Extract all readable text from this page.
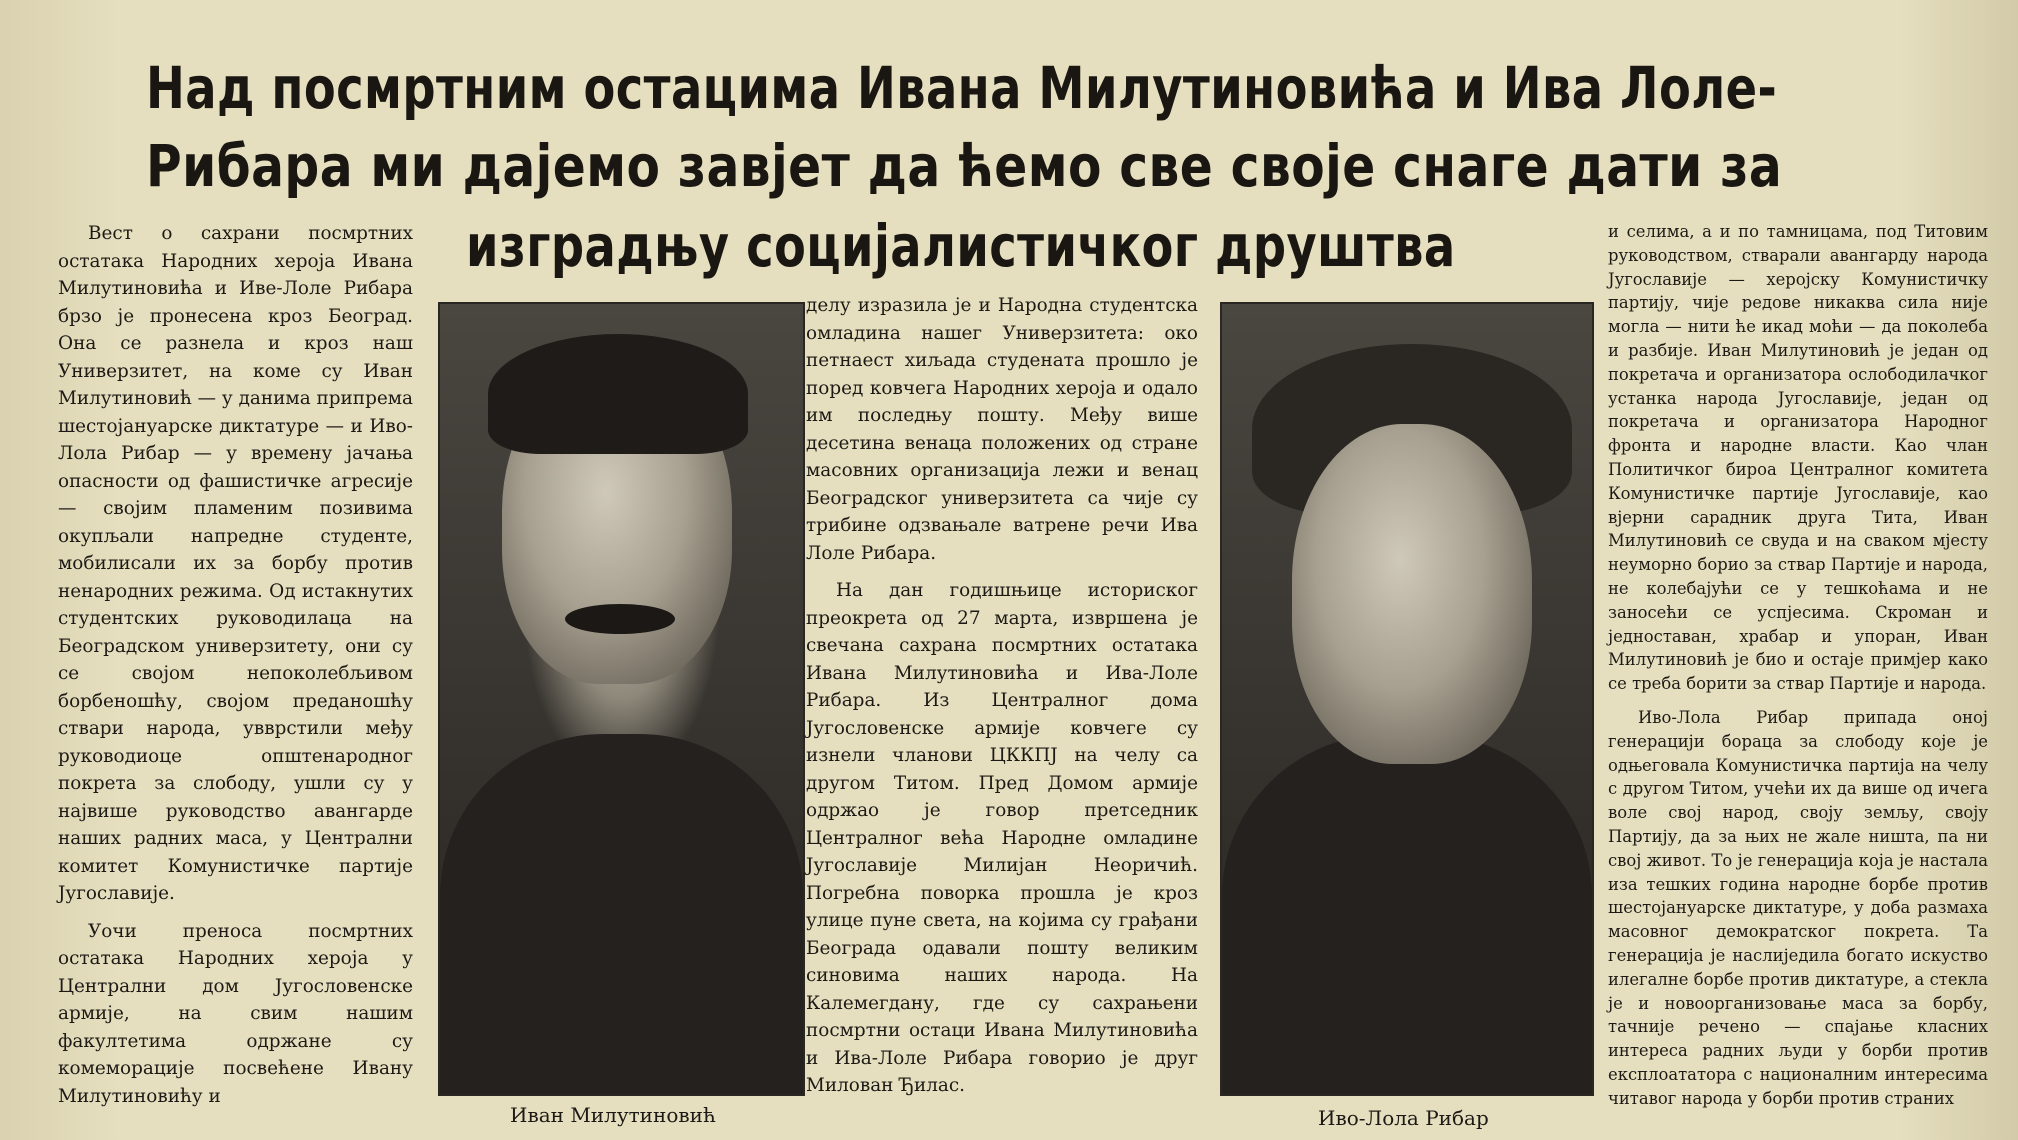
Над посмртним остацима Ивана Милутиновића и Ива Лоле-
Рибара ми дајемо завјет да ћемо све своје снаге дати за
изградњу социјалистичког друштва

Вест о сахрани посмртних остатака Народних хероја Ивана Милутиновића и Иве-Лоле Рибара брзо је пронесена кроз Београд. Она се разнела и кроз наш Универзитет, на коме су Иван Милутиновић — у данима припрема шестојануарске диктатуре — и Иво-Лола Рибар — у времену јачања опасности од фашистичке агресије — својим пламеним позивима окупљали напредне студенте, мобилисали их за борбу против ненародних режима. Од истакнутих студентских руководилаца на Београдском универзитету, они су се својом непоколебљивом борбеношћу, својом преданошћу ствари народа, увврстили међу руководиоце општенародног покрета за слободу, ушли су у највише руководство авангарде наших радних маса, у Централни комитет Комунистичке партије Југославије.

Уочи преноса посмртних остатака Народних хероја у Централни дом Југословенске армије, на свим нашим факултетима одржане су комеморације посвећене Ивану Милутиновићу и

Иван Милутиновић

делу изразила је и Народна студентска омладина нашег Универзитета: око петнаест хиљада студената прошло је поред ковчега Народних хероја и одало им последњу пошту. Међу више десетина венаца положених од стране масовних организација лежи и венац Београдског универзитета са чије су трибине одзвањале ватрене речи Ива Лоле Рибара.

На дан годишњице историског преокрета од 27 марта, извршена је свечана сахрана посмртних остатака Ивана Милутиновића и Ива-Лоле Рибара. Из Централног дома Југословенске армије ковчеге су изнели чланови ЦККПЈ на челу са другом Титом. Пред Домом армије одржао је говор претседник Централног већа Народне омладине Југославије Милијан Неоричић. Погребна поворка прошла је кроз улице пуне света, на којима су грађани Београда одавали пошту великим синовима наших народа. На Калемегдану, где су сахрањени посмртни остаци Ивана Милутиновића и Ива-Лоле Рибара говорио је друг Милован Ђилас.

Иво-Лола Рибар

и селима, а и по тамницама, под Титовим руководством, стварали авангарду народа Југославије — херојску Комунистичку партију, чије редове никаква сила није могла — нити ће икад моћи — да поколеба и разбије. Иван Милутиновић је један од покретача и организатора ослободилачког устанка народа Југославије, један од покретача и организатора Народног фронта и народне власти. Као члан Политичког бироа Централног комитета Комунистичке партије Југославије, као вјерни сарадник друга Тита, Иван Милутиновић се свуда и на сваком мјесту неуморно борио за ствар Партије и народа, не колебајући се у тешкоћама и не заносећи се успјесима. Скроман и једноставан, храбар и упоран, Иван Милутиновић је био и остаје примјер како се треба борити за ствар Партије и народа.

Иво-Лола Рибар припада оној генерацији бораца за слободу које је одњеговала Комунистичка партија на челу с другом Титом, учећи их да више од ичега воле свој народ, своју земљу, своју Партију, да за њих не жале ништа, па ни свој живот. То је генерација која је настала иза тешких година народне борбе против шестојануарске диктатуре, у доба размаха масовног демократског покрета. Та генерација је наслиједила богато искуство илегалне борбе против диктатуре, а стекла је и новоорганизовање маса за борбу, тачније речено — спајање класних интереса радних људи у борби против експлоататора с националним интересима читавог народа у борби против страних
